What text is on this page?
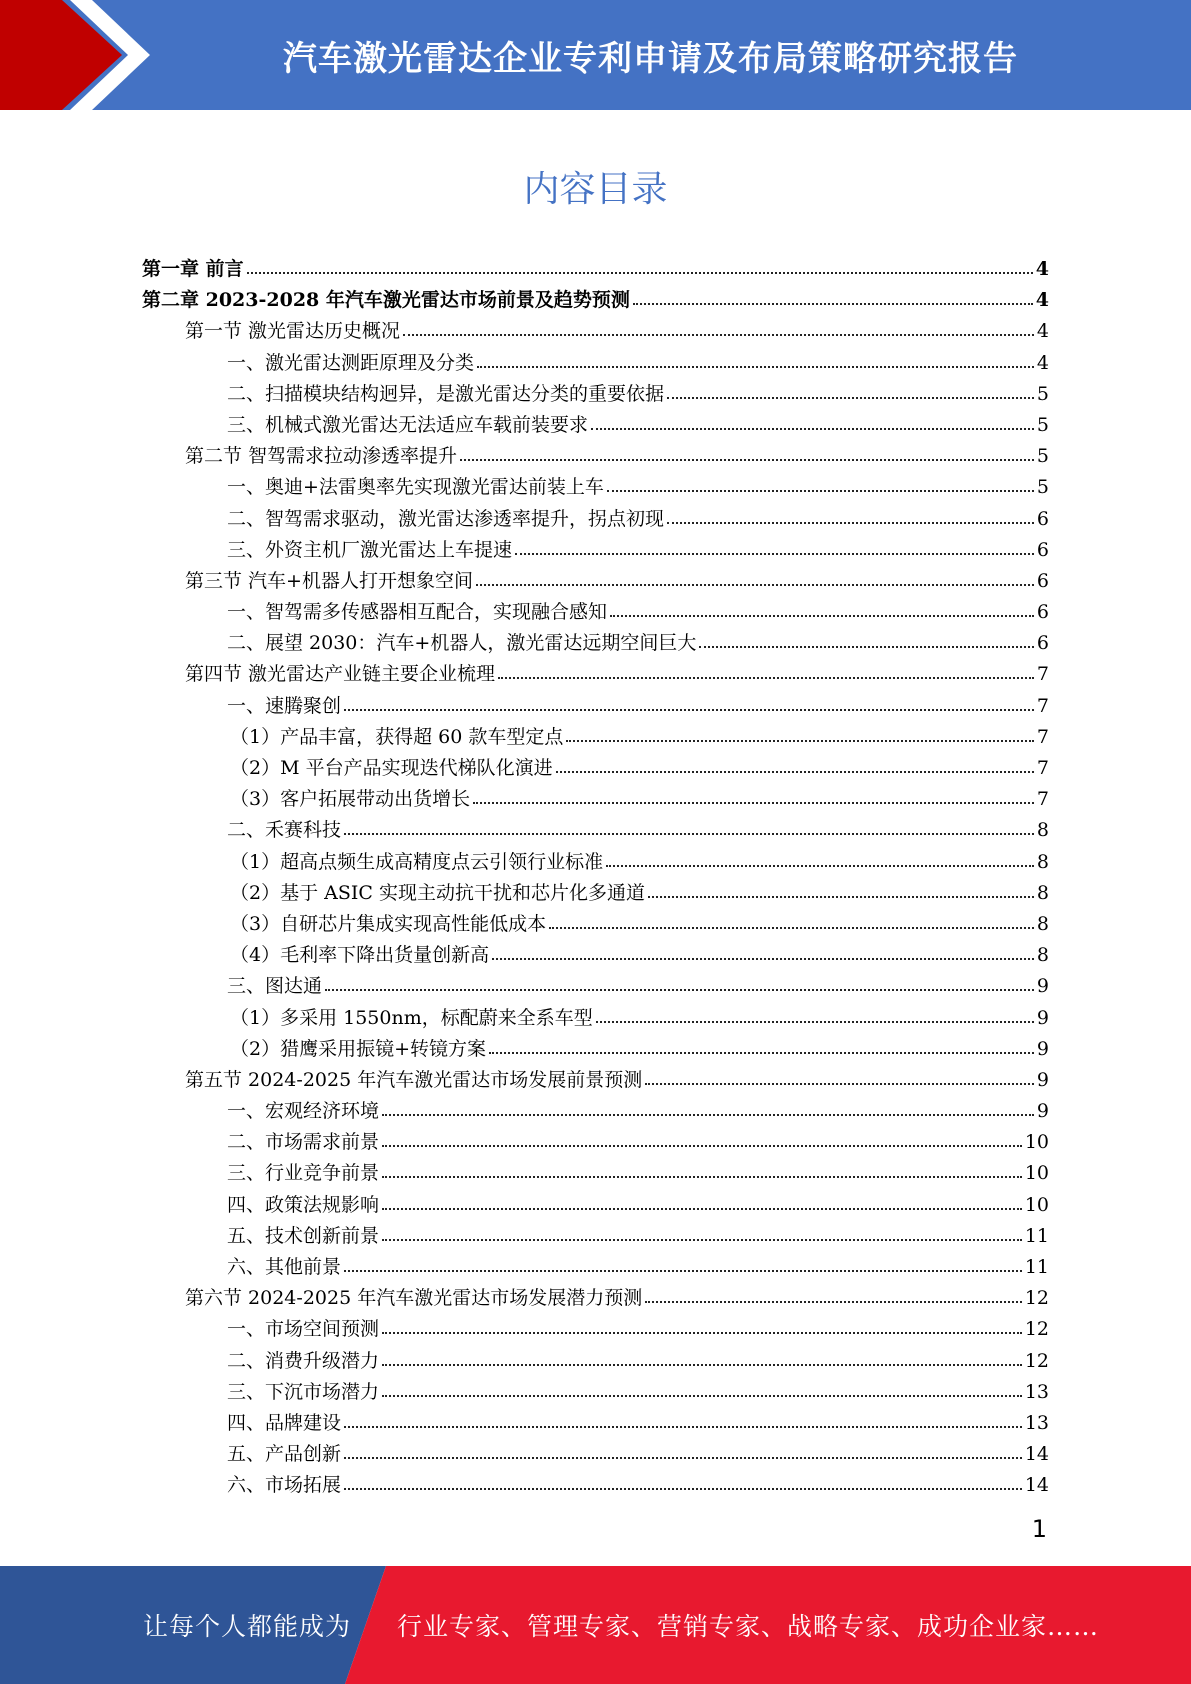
汽车激光雷达企业专利申请及布局策略研究报告
内容目录
第一章 前言	4
第二章 2023-2028 年汽车激光雷达市场前景及趋势预测	4
第一节 激光雷达历史概况	4
一、激光雷达测距原理及分类	4
二、扫描模块结构迥异，是激光雷达分类的重要依据	5
三、机械式激光雷达无法适应车载前装要求	5
第二节 智驾需求拉动渗透率提升	5
一、奥迪+法雷奥率先实现激光雷达前装上车	5
二、智驾需求驱动，激光雷达渗透率提升，拐点初现	6
三、外资主机厂激光雷达上车提速	6
第三节 汽车+机器人打开想象空间	6
一、智驾需多传感器相互配合，实现融合感知	6
二、展望 2030：汽车+机器人，激光雷达远期空间巨大	6
第四节 激光雷达产业链主要企业梳理	7
一、速腾聚创	7
（1）产品丰富，获得超 60 款车型定点	7
（2）M 平台产品实现迭代梯队化演进	7
（3）客户拓展带动出货增长	7
二、禾赛科技	8
（1）超高点频生成高精度点云引领行业标准	8
（2）基于 ASIC 实现主动抗干扰和芯片化多通道	8
（3）自研芯片集成实现高性能低成本	8
（4）毛利率下降出货量创新高	8
三、图达通	9
（1）多采用 1550nm，标配蔚来全系车型	9
（2）猎鹰采用振镜+转镜方案	9
第五节 2024-2025 年汽车激光雷达市场发展前景预测	9
一、宏观经济环境	9
二、市场需求前景	10
三、行业竞争前景	10
四、政策法规影响	10
五、技术创新前景	11
六、其他前景	11
第六节 2024-2025 年汽车激光雷达市场发展潜力预测	12
一、市场空间预测	12
二、消费升级潜力	12
三、下沉市场潜力	13
四、品牌建设	13
五、产品创新	14
六、市场拓展	14
1
让每个人都能成为 行业专家、管理专家、营销专家、战略专家、成功企业家……
